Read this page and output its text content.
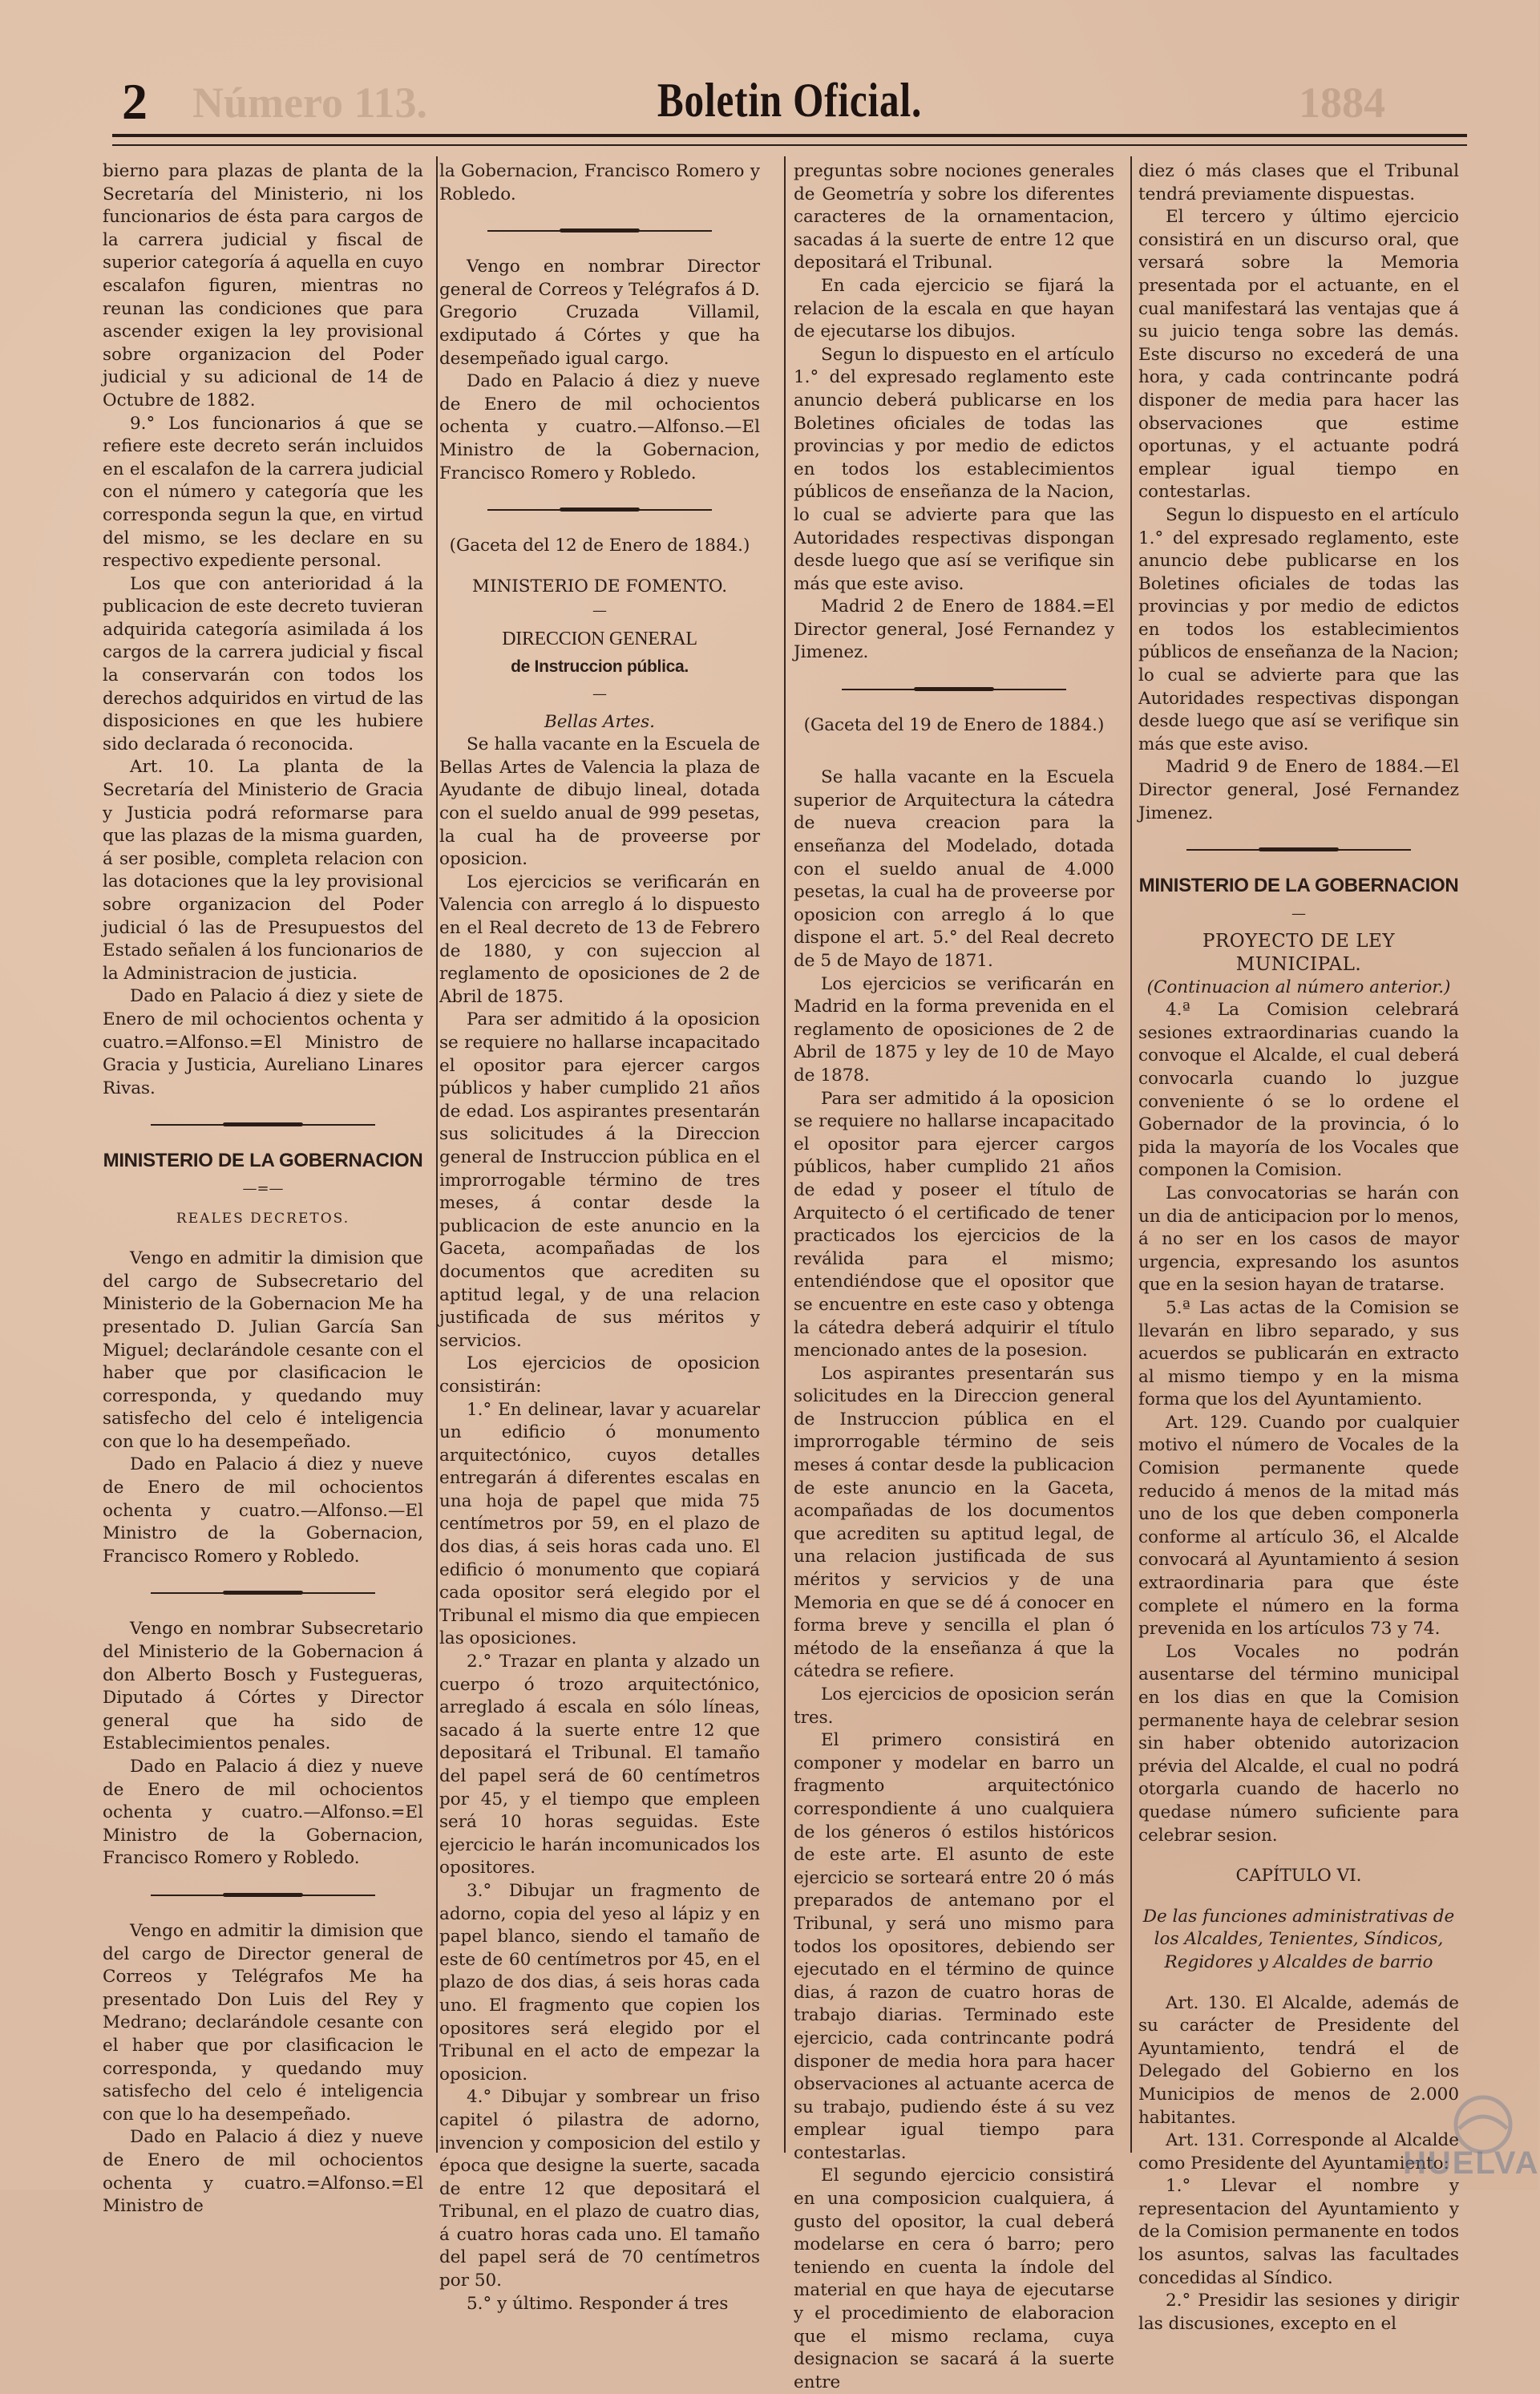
2 Número 113.	Boletin Oficial.	1884

bierno para plazas de planta de la Secretaría del Ministerio, ni los funcionarios de ésta para cargos de la carrera judicial y fiscal de superior categoría á aquella en cuyo escalafon figuren, mientras no reunan las condiciones que para ascender exigen la ley provisional sobre organizacion del Poder judicial y su adicional de 14 de Octubre de 1882.

9.° Los funcionarios á que se refiere este decreto serán incluidos en el escalafon de la carrera judicial con el número y categoría que les corresponda segun la que, en virtud del mismo, se les declare en su respectivo expediente personal.

Los que con anterioridad á la publicacion de este decreto tuvieran adquirida categoría asimilada á los cargos de la carrera judicial y fiscal la conservarán con todos los derechos adquiridos en virtud de las disposiciones en que les hubiere sido declarada ó reconocida.

Art. 10. La planta de la Secretaría del Ministerio de Gracia y Justicia podrá reformarse para que las plazas de la misma guarden, á ser posible, completa relacion con las dotaciones que la ley provisional sobre organizacion del Poder judicial ó las de Presupuestos del Estado señalen á los funcionarios de la Administracion de justicia.

Dado en Palacio á diez y siete de Enero de mil ochocientos ochenta y cuatro.=Alfonso.=El Ministro de Gracia y Justicia, Aureliano Linares Rivas.

MINISTERIO DE LA GOBERNACION
—=—
REALES DECRETOS.

Vengo en admitir la dimision que del cargo de Subsecretario del Ministerio de la Gobernacion Me ha presentado D. Julian García San Miguel; declarándole cesante con el haber que por clasificacion le corresponda, y quedando muy satisfecho del celo é inteligencia con que lo ha desempeñado.

Dado en Palacio á diez y nueve de Enero de mil ochocientos ochenta y cuatro.—Alfonso.—El Ministro de la Gobernacion, Francisco Romero y Robledo.

Vengo en nombrar Subsecretario del Ministerio de la Gobernacion á don Alberto Bosch y Fustegueras, Diputado á Córtes y Director general que ha sido de Establecimientos penales.

Dado en Palacio á diez y nueve de Enero de mil ochocientos ochenta y cuatro.—Alfonso.=El Ministro de la Gobernacion, Francisco Romero y Robledo.

Vengo en admitir la dimision que del cargo de Director general de Correos y Telégrafos Me ha presentado Don Luis del Rey y Medrano; declarándole cesante con el haber que por clasificacion le corresponda, y quedando muy satisfecho del celo é inteligencia con que lo ha desempeñado.

Dado en Palacio á diez y nueve de Enero de mil ochocientos ochenta y cuatro.=Alfonso.=El Ministro de

la Gobernacion, Francisco Romero y Robledo.

Vengo en nombrar Director general de Correos y Telégrafos á D. Gregorio Cruzada Villamil, exdiputado á Córtes y que ha desempeñado igual cargo.

Dado en Palacio á diez y nueve de Enero de mil ochocientos ochenta y cuatro.—Alfonso.—El Ministro de la Gobernacion, Francisco Romero y Robledo.

(Gaceta del 12 de Enero de 1884.)

MINISTERIO DE FOMENTO.

—
DIRECCION GENERAL
de Instruccion pública.
—

Bellas Artes.

Se halla vacante en la Escuela de Bellas Artes de Valencia la plaza de Ayudante de dibujo lineal, dotada con el sueldo anual de 999 pesetas, la cual ha de proveerse por oposicion.

Los ejercicios se verificarán en Valencia con arreglo á lo dispuesto en el Real decreto de 13 de Febrero de 1880, y con sujeccion al reglamento de oposiciones de 2 de Abril de 1875.

Para ser admitido á la oposicion se requiere no hallarse incapacitado el opositor para ejercer cargos públicos y haber cumplido 21 años de edad. Los aspirantes presentarán sus solicitudes á la Direccion general de Instruccion pública en el improrrogable término de tres meses, á contar desde la publicacion de este anuncio en la Gaceta, acompañadas de los documentos que acrediten su aptitud legal, y de una relacion justificada de sus méritos y servicios.

Los ejercicios de oposicion consistirán:

1.° En delinear, lavar y acuarelar un edificio ó monumento arquitectónico, cuyos detalles entregarán á diferentes escalas en una hoja de papel que mida 75 centímetros por 59, en el plazo de dos dias, á seis horas cada uno. El edificio ó monumento que copiará cada opositor será elegido por el Tribunal el mismo dia que empiecen las oposiciones.

2.° Trazar en planta y alzado un cuerpo ó trozo arquitectónico, arreglado á escala en sólo líneas, sacado á la suerte entre 12 que depositará el Tribunal. El tamaño del papel será de 60 centímetros por 45, y el tiempo que empleen será 10 horas seguidas. Este ejercicio le harán incomunicados los opositores.

3.° Dibujar un fragmento de adorno, copia del yeso al lápiz y en papel blanco, siendo el tamaño de este de 60 centímetros por 45, en el plazo de dos dias, á seis horas cada uno. El fragmento que copien los opositores será elegido por el Tribunal en el acto de empezar la oposicion.

4.° Dibujar y sombrear un friso capitel ó pilastra de adorno, invencion y composicion del estilo y época que designe la suerte, sacada de entre 12 que depositará el Tribunal, en el plazo de cuatro dias, á cuatro horas cada uno. El tamaño del papel será de 70 centímetros por 50.

5.° y último. Responder á tres

preguntas sobre nociones generales de Geometría y sobre los diferentes caracteres de la ornamentacion, sacadas á la suerte de entre 12 que depositará el Tribunal.

En cada ejercicio se fijará la relacion de la escala en que hayan de ejecutarse los dibujos.

Segun lo dispuesto en el artículo 1.° del expresado reglamento este anuncio deberá publicarse en los Boletines oficiales de todas las provincias y por medio de edictos en todos los establecimientos públicos de enseñanza de la Nacion, lo cual se advierte para que las Autoridades respectivas dispongan desde luego que así se verifique sin más que este aviso.

Madrid 2 de Enero de 1884.=El Director general, José Fernandez y Jimenez.

(Gaceta del 19 de Enero de 1884.)

Se halla vacante en la Escuela superior de Arquitectura la cátedra de nueva creacion para la enseñanza del Modelado, dotada con el sueldo anual de 4.000 pesetas, la cual ha de proveerse por oposicion con arreglo á lo que dispone el art. 5.° del Real decreto de 5 de Mayo de 1871.

Los ejercicios se verificarán en Madrid en la forma prevenida en el reglamento de oposiciones de 2 de Abril de 1875 y ley de 10 de Mayo de 1878.

Para ser admitido á la oposicion se requiere no hallarse incapacitado el opositor para ejercer cargos públicos, haber cumplido 21 años de edad y poseer el título de Arquitecto ó el certificado de tener practicados los ejercicios de la reválida para el mismo; entendiéndose que el opositor que se encuentre en este caso y obtenga la cátedra deberá adquirir el título mencionado antes de la posesion.

Los aspirantes presentarán sus solicitudes en la Direccion general de Instruccion pública en el improrrogable término de seis meses á contar desde la publicacion de este anuncio en la Gaceta, acompañadas de los documentos que acrediten su aptitud legal, de una relacion justificada de sus méritos y servicios y de una Memoria en que se dé á conocer en forma breve y sencilla el plan ó método de la enseñanza á que la cátedra se refiere.

Los ejercicios de oposicion serán tres.

El primero consistirá en componer y modelar en barro un fragmento arquitectónico correspondiente á uno cualquiera de los géneros ó estilos históricos de este arte. El asunto de este ejercicio se sorteará entre 20 ó más preparados de antemano por el Tribunal, y será uno mismo para todos los opositores, debiendo ser ejecutado en el término de quince dias, á razon de cuatro horas de trabajo diarias. Terminado este ejercicio, cada contrincante podrá disponer de media hora para hacer observaciones al actuante acerca de su trabajo, pudiendo éste á su vez emplear igual tiempo para contestarlas.

El segundo ejercicio consistirá en una composicion cualquiera, á gusto del opositor, la cual deberá modelarse en cera ó barro; pero teniendo en cuenta la índole del material en que haya de ejecutarse y el procedimiento de elaboracion que el mismo reclama, cuya designacion se sacará á la suerte entre

diez ó más clases que el Tribunal tendrá previamente dispuestas.

El tercero y último ejercicio consistirá en un discurso oral, que versará sobre la Memoria presentada por el actuante, en el cual manifestará las ventajas que á su juicio tenga sobre las demás. Este discurso no excederá de una hora, y cada contrincante podrá disponer de media para hacer las observaciones que estime oportunas, y el actuante podrá emplear igual tiempo en contestarlas.

Segun lo dispuesto en el artículo 1.° del expresado reglamento, este anuncio debe publicarse en los Boletines oficiales de todas las provincias y por medio de edictos en todos los establecimientos públicos de enseñanza de la Nacion; lo cual se advierte para que las Autoridades respectivas dispongan desde luego que así se verifique sin más que este aviso.

Madrid 9 de Enero de 1884.—El Director general, José Fernandez Jimenez.

MINISTERIO DE LA GOBERNACION
—

PROYECTO DE LEY MUNICIPAL.

(Continuacion al número anterior.)

4.ª La Comision celebrará sesiones extraordinarias cuando la convoque el Alcalde, el cual deberá convocarla cuando lo juzgue conveniente ó se lo ordene el Gobernador de la provincia, ó lo pida la mayoría de los Vocales que componen la Comision.

Las convocatorias se harán con un dia de anticipacion por lo menos, á no ser en los casos de mayor urgencia, expresando los asuntos que en la sesion hayan de tratarse.

5.ª Las actas de la Comision se llevarán en libro separado, y sus acuerdos se publicarán en extracto al mismo tiempo y en la misma forma que los del Ayuntamiento.

Art. 129. Cuando por cualquier motivo el número de Vocales de la Comision permanente quede reducido á menos de la mitad más uno de los que deben componerla conforme al artículo 36, el Alcalde convocará al Ayuntamiento á sesion extraordinaria para que éste complete el número en la forma prevenida en los artículos 73 y 74.

Los Vocales no podrán ausentarse del término municipal en los dias en que la Comision permanente haya de celebrar sesion sin haber obtenido autorizacion prévia del Alcalde, el cual no podrá otorgarla cuando de hacerlo no quedase número suficiente para celebrar sesion.

CAPÍTULO VI.

De las funciones administrativas de los Alcaldes, Tenientes, Síndicos, Regidores y Alcaldes de barrio

Art. 130. El Alcalde, además de su carácter de Presidente del Ayuntamiento, tendrá el de Delegado del Gobierno en los Municipios de menos de 2.000 habitantes.

Art. 131. Corresponde al Alcalde como Presidente del Ayuntamiento:

1.° Llevar el nombre y representacion del Ayuntamiento y de la Comision permanente en todos los asuntos, salvas las facultades concedidas al Síndico.

2.° Presidir las sesiones y dirigir las discusiones, excepto en el

HUELVA
